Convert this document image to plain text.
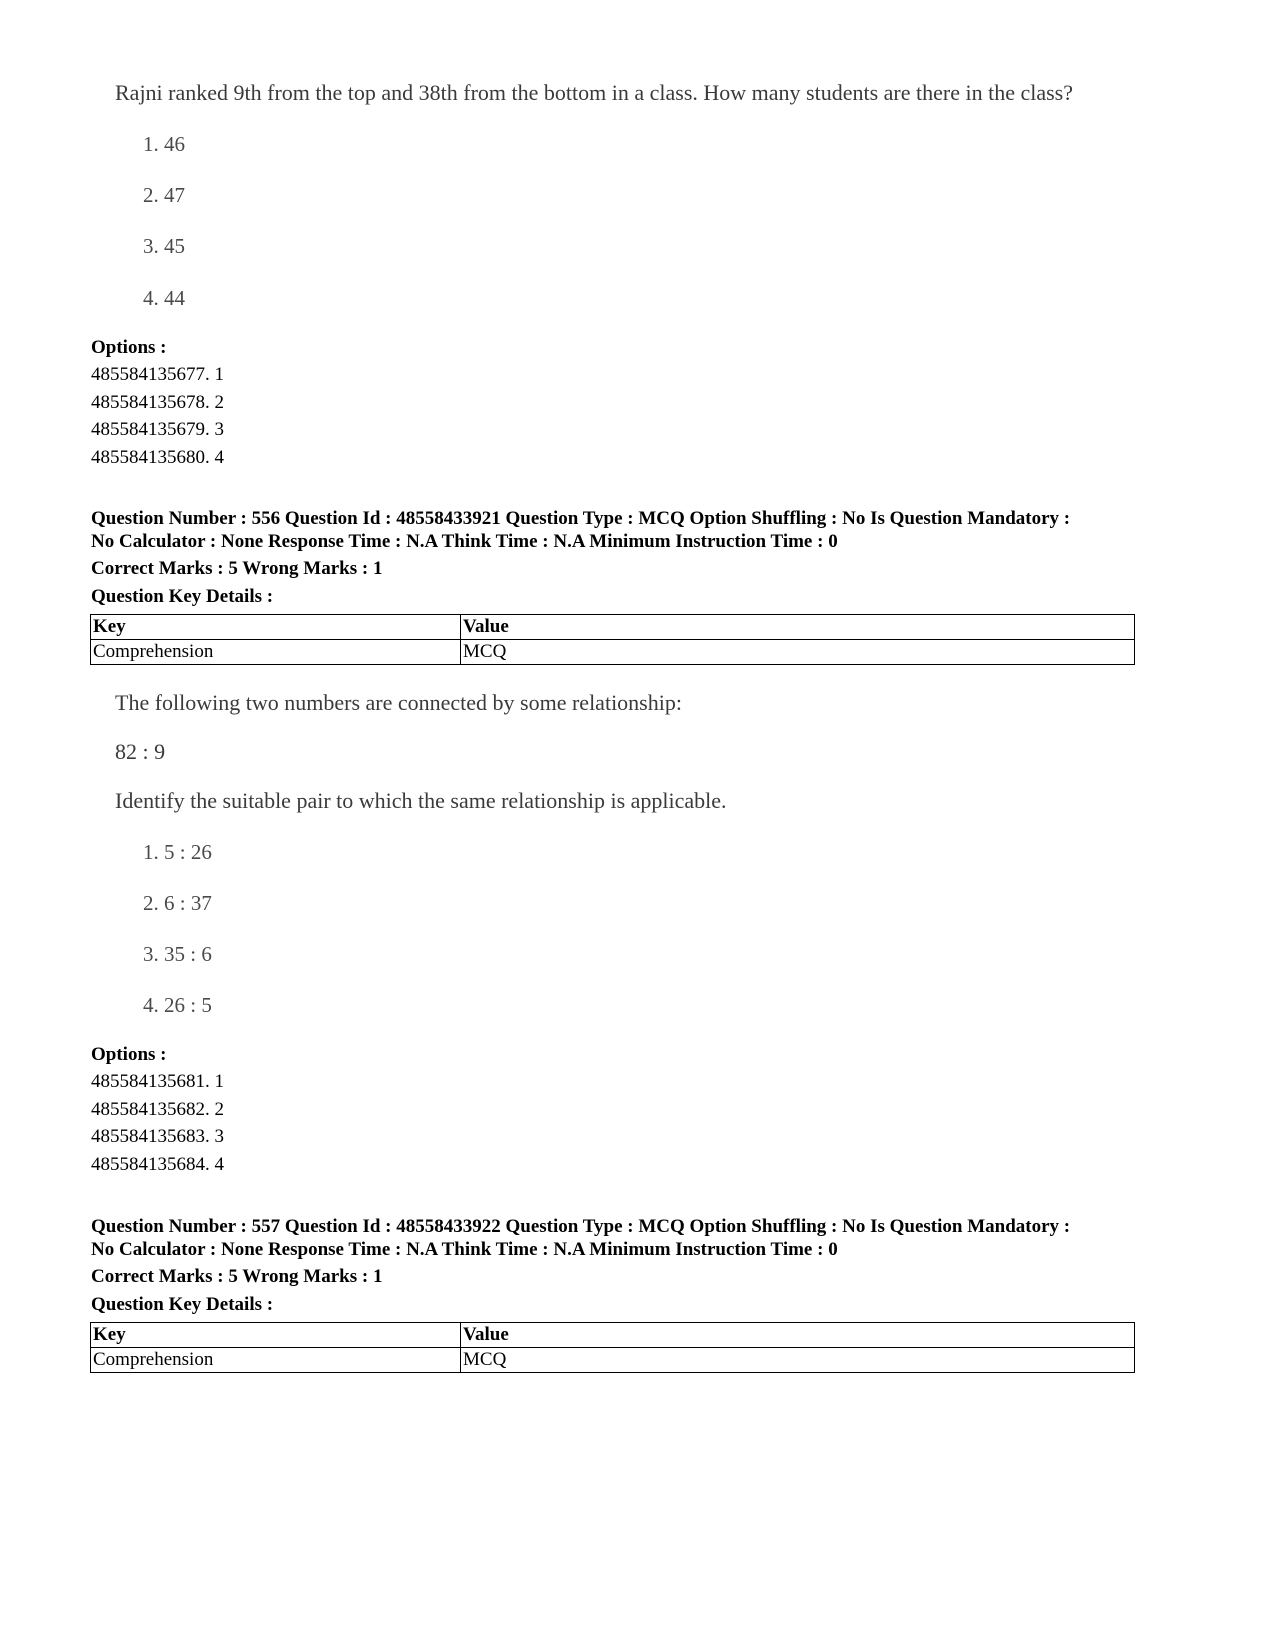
Rajni ranked 9th from the top and 38th from the bottom in a class. How many students are there in the class?
1. 46
2. 47
3. 45
4. 44
Options :
485584135677. 1
485584135678. 2
485584135679. 3
485584135680. 4
Question Number : 556 Question Id : 48558433921 Question Type : MCQ Option Shuffling : No Is Question Mandatory :
No Calculator : None Response Time : N.A Think Time : N.A Minimum Instruction Time : 0
Correct Marks : 5 Wrong Marks : 1
Question Key Details :
Key	Value
Comprehension	MCQ
The following two numbers are connected by some relationship:
82 : 9
Identify the suitable pair to which the same relationship is applicable.
1. 5 : 26
2. 6 : 37
3. 35 : 6
4. 26 : 5
Options :
485584135681. 1
485584135682. 2
485584135683. 3
485584135684. 4
Question Number : 557 Question Id : 48558433922 Question Type : MCQ Option Shuffling : No Is Question Mandatory :
No Calculator : None Response Time : N.A Think Time : N.A Minimum Instruction Time : 0
Correct Marks : 5 Wrong Marks : 1
Question Key Details :
Key	Value
Comprehension	MCQ
